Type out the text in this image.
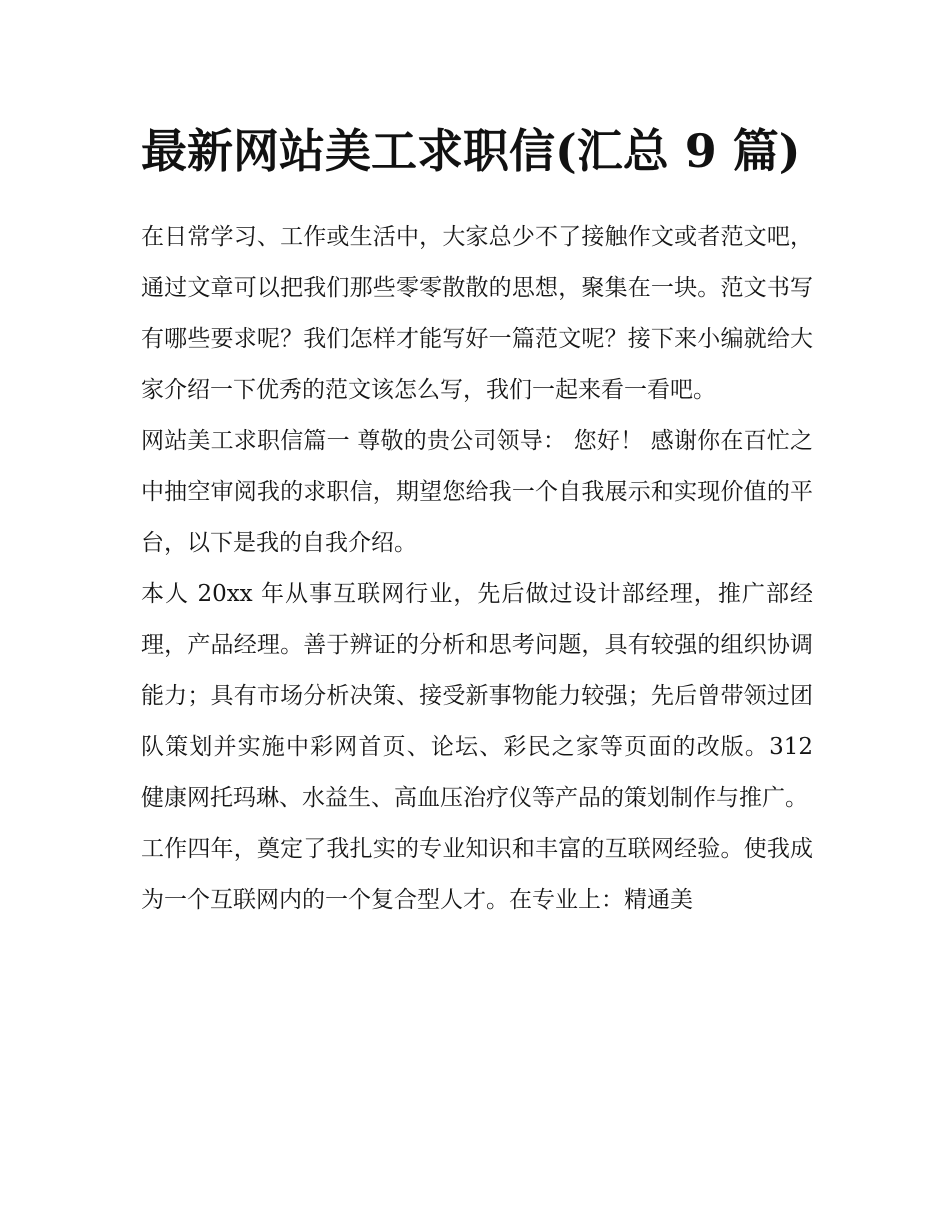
最新网站美工求职信(汇总 9 篇)

在日常学习、工作或生活中，大家总少不了接触作文或者范文吧，通过文章可以把我们那些零零散散的思想，聚集在一块。范文书写有哪些要求呢？我们怎样才能写好一篇范文呢？接下来小编就给大家介绍一下优秀的范文该怎么写，我们一起来看一看吧。

网站美工求职信篇一 尊敬的贵公司领导： 您好！ 感谢你在百忙之中抽空审阅我的求职信，期望您给我一个自我展示和实现价值的平台，以下是我的自我介绍。

本人 20xx 年从事互联网行业，先后做过设计部经理，推广部经理，产品经理。善于辨证的分析和思考问题，具有较强的组织协调能力；具有市场分析决策、接受新事物能力较强；先后曾带领过团队策划并实施中彩网首页、论坛、彩民之家等页面的改版。312 健康网托玛琳、水益生、高血压治疗仪等产品的策划制作与推广。

工作四年，奠定了我扎实的专业知识和丰富的互联网经验。使我成为一个互联网内的一个复合型人才。在专业上：精通美
